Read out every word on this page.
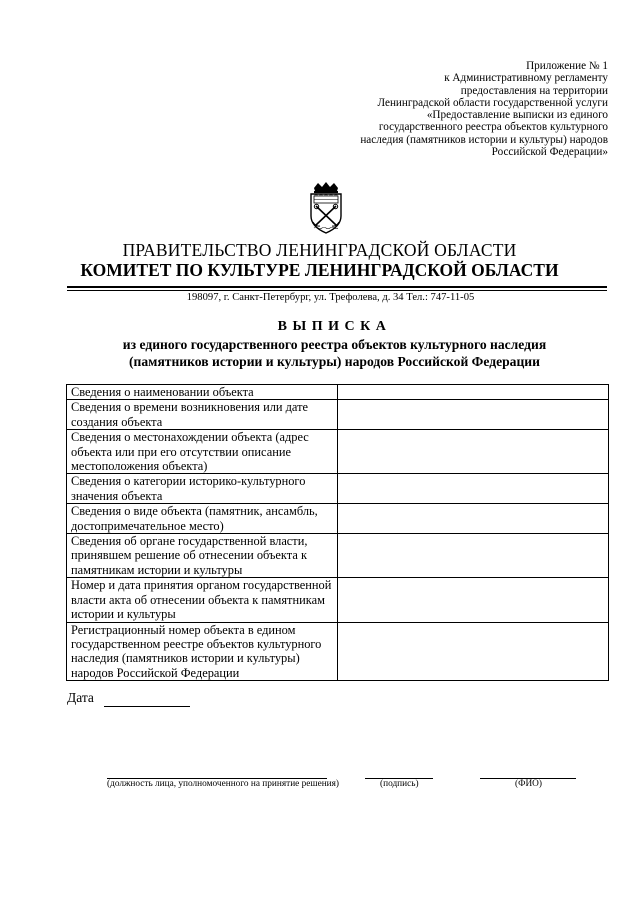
Приложение № 1
к Административному регламенту
предоставления на территории
Ленинградской области государственной услуги
«Предоставление выписки из единого
государственного реестра объектов культурного
наследия (памятников истории и культуры) народов
Российской Федерации»
ПРАВИТЕЛЬСТВО ЛЕНИНГРАДСКОЙ ОБЛАСТИ
КОМИТЕТ ПО КУЛЬТУРЕ ЛЕНИНГРАДСКОЙ ОБЛАСТИ
198097, г. Санкт-Петербург, ул. Трефолева, д. 34 Тел.: 747-11-05
ВЫПИСКА
из единого государственного реестра объектов культурного наследия
(памятников истории и культуры) народов Российской Федерации
Сведения о наименовании объекта	
Сведения о времени возникновения или дате создания объекта	
Сведения о местонахождении объекта (адрес объекта или при его отсутствии описание местоположения объекта)	
Сведения о категории историко-культурного значения объекта	
Сведения о виде объекта (памятник, ансамбль, достопримечательное место)	
Сведения об органе государственной власти, принявшем решение об отнесении объекта к памятникам истории и культуры	
Номер и дата принятия органом государственной власти акта об отнесении объекта к памятникам истории и культуры	
Регистрационный номер объекта в едином государственном реестре объектов культурного наследия (памятников истории и культуры) народов Российской Федерации	
Дата
(должность лица, уполномоченного на принятие решения)	(подпись)	(ФИО)
